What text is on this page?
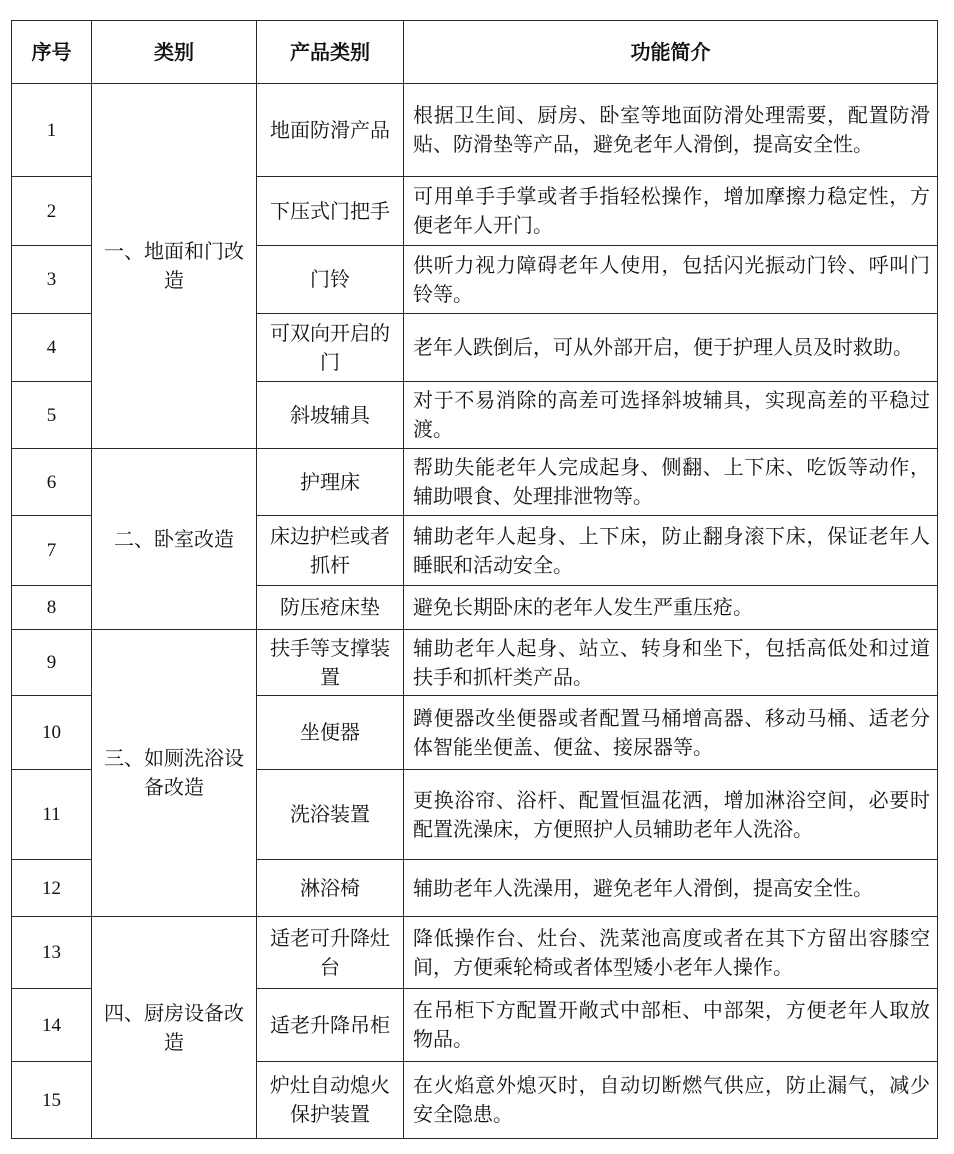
序号	类别	产品类别	功能简介
1	一、地面和门改造	地面防滑产品	根据卫生间、厨房、卧室等地面防滑处理需要，配置防滑贴、防滑垫等产品，避免老年人滑倒，提高安全性。
2		下压式门把手	可用单手手掌或者手指轻松操作，增加摩擦力稳定性，方便老年人开门。
3		门铃	供听力视力障碍老年人使用，包括闪光振动门铃、呼叫门铃等。
4		可双向开启的门	老年人跌倒后，可从外部开启，便于护理人员及时救助。
5		斜坡辅具	对于不易消除的高差可选择斜坡辅具，实现高差的平稳过渡。
6	二、卧室改造	护理床	帮助失能老年人完成起身、侧翻、上下床、吃饭等动作，辅助喂食、处理排泄物等。
7		床边护栏或者抓杆	辅助老年人起身、上下床，防止翻身滚下床，保证老年人睡眠和活动安全。
8		防压疮床垫	避免长期卧床的老年人发生严重压疮。
9	三、如厕洗浴设备改造	扶手等支撑装置	辅助老年人起身、站立、转身和坐下，包括高低处和过道扶手和抓杆类产品。
10		坐便器	蹲便器改坐便器或者配置马桶增高器、移动马桶、适老分体智能坐便盖、便盆、接尿器等。
11		洗浴装置	更换浴帘、浴杆、配置恒温花洒，增加淋浴空间，必要时配置洗澡床，方便照护人员辅助老年人洗浴。
12		淋浴椅	辅助老年人洗澡用，避免老年人滑倒，提高安全性。
13	四、厨房设备改造	适老可升降灶台	降低操作台、灶台、洗菜池高度或者在其下方留出容膝空间，方便乘轮椅或者体型矮小老年人操作。
14		适老升降吊柜	在吊柜下方配置开敞式中部柜、中部架，方便老年人取放物品。
15		炉灶自动熄火保护装置	在火焰意外熄灭时，自动切断燃气供应，防止漏气，减少安全隐患。
